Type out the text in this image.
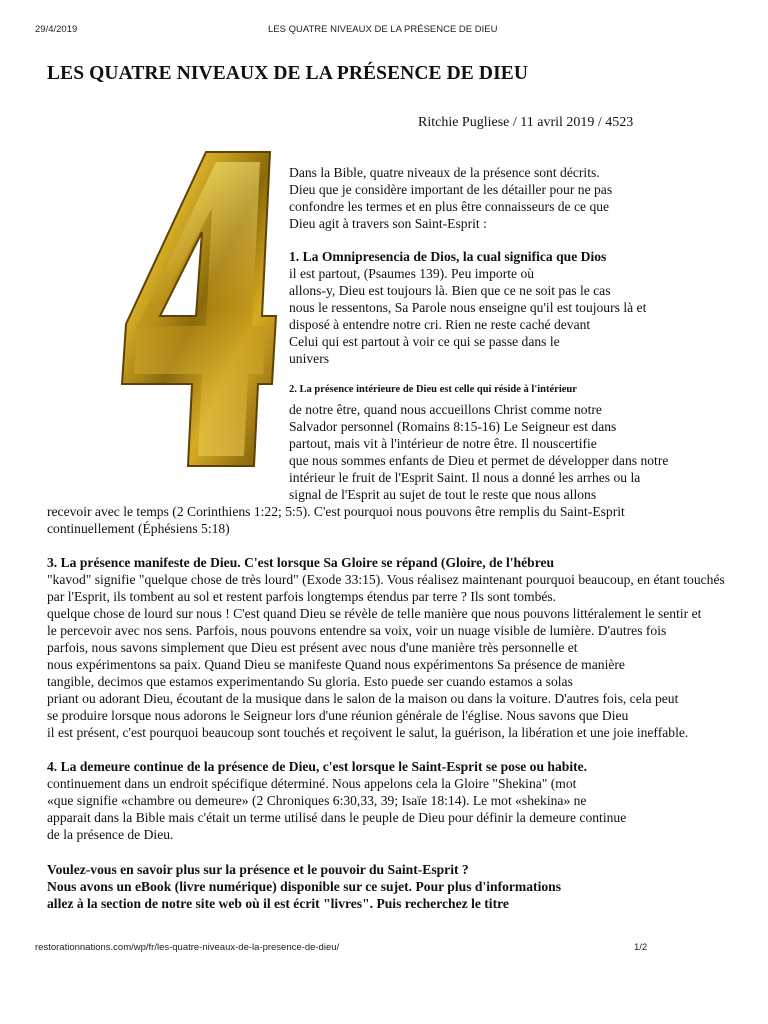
29/4/2019	LES QUATRE NIVEAUX DE LA PRÉSENCE DE DIEU
LES QUATRE NIVEAUX DE LA PRÉSENCE DE DIEU
Ritchie Pugliese / 11 avril 2019 / 4523
Dans la Bible, quatre niveaux de la présence sont décrits.
Dieu que je considère important de les détailler pour ne pas
confondre les termes et en plus être connaisseurs de ce que
Dieu agit à travers son Saint-Esprit :
1. La Omnipresencia de Dios, la cual significa que Dios
il est partout, (Psaumes 139). Peu importe où
allons-y, Dieu est toujours là. Bien que ce ne soit pas le cas
nous le ressentons, Sa Parole nous enseigne qu'il est toujours là et
disposé à entendre notre cri. Rien ne reste caché devant
Celui qui est partout à voir ce qui se passe dans le
univers
2. La présence intérieure de Dieu est celle qui réside à l'intérieur
de notre être, quand nous accueillons Christ comme notre
Salvador personnel (Romains 8:15-16) Le Seigneur est dans
partout, mais vit à l'intérieur de notre être. Il nouscertifie
que nous sommes enfants de Dieu et permet de développer dans notre
intérieur le fruit de l'Esprit Saint. Il nous a donné les arrhes ou la
signal de l'Esprit au sujet de tout le reste que nous allons
recevoir avec le temps (2 Corinthiens 1:22; 5:5). C'est pourquoi nous pouvons être remplis du Saint-Esprit
continuellement (Éphésiens 5:18)
3. La présence manifeste de Dieu. C'est lorsque Sa Gloire se répand (Gloire, de l'hébreu
"kavod" signifie "quelque chose de très lourd" (Exode 33:15). Vous réalisez maintenant pourquoi beaucoup, en étant touchés
par l'Esprit, ils tombent au sol et restent parfois longtemps étendus par terre ? Ils sont tombés.
quelque chose de lourd sur nous ! C'est quand Dieu se révèle de telle manière que nous pouvons littéralement le sentir et
le percevoir avec nos sens. Parfois, nous pouvons entendre sa voix, voir un nuage visible de lumière. D'autres fois
parfois, nous savons simplement que Dieu est présent avec nous d'une manière très personnelle et
nous expérimentons sa paix. Quand Dieu se manifeste Quand nous expérimentons Sa présence de manière
tangible, decimos que estamos experimentando Su gloria. Esto puede ser cuando estamos a solas
priant ou adorant Dieu, écoutant de la musique dans le salon de la maison ou dans la voiture. D'autres fois, cela peut
se produire lorsque nous adorons le Seigneur lors d'une réunion générale de l'église. Nous savons que Dieu
il est présent, c'est pourquoi beaucoup sont touchés et reçoivent le salut, la guérison, la libération et une joie ineffable.
4. La demeure continue de la présence de Dieu, c'est lorsque le Saint-Esprit se pose ou habite.
continuement dans un endroit spécifique déterminé. Nous appelons cela la Gloire "Shekina" (mot
«que signifie «chambre ou demeure» (2 Chroniques 6:30,33, 39; Isaïe 18:14). Le mot «shekina» ne
apparait dans la Bible mais c'était un terme utilisé dans le peuple de Dieu pour définir la demeure continue
de la présence de Dieu.
Voulez-vous en savoir plus sur la présence et le pouvoir du Saint-Esprit ?
Nous avons un eBook (livre numérique) disponible sur ce sujet. Pour plus d'informations
allez à la section de notre site web où il est écrit "livres". Puis recherchez le titre
restorationnations.com/wp/fr/les-quatre-niveaux-de-la-presence-de-dieu/	1/2
